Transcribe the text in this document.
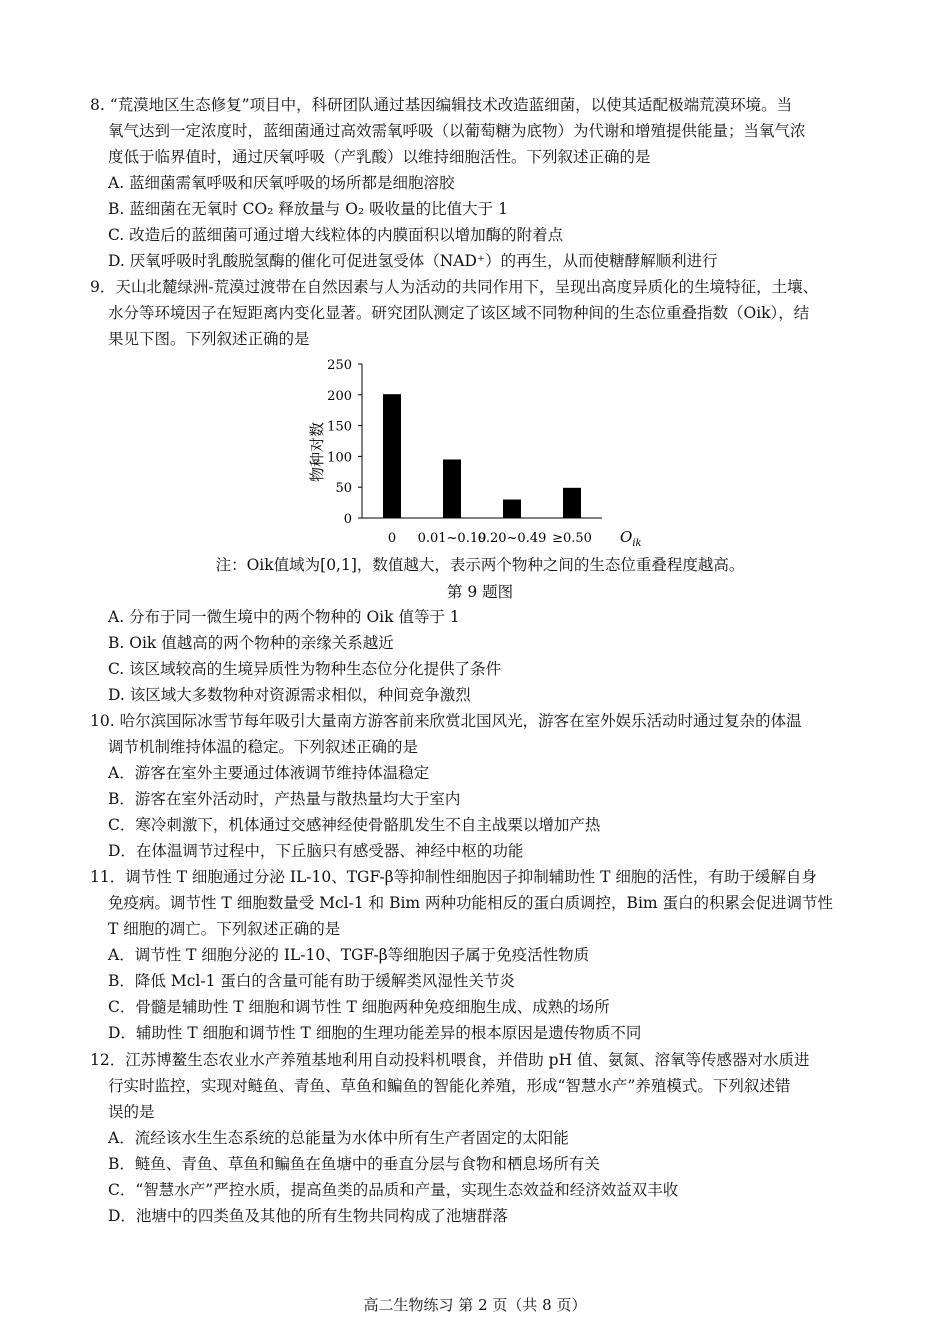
8. “荒漠地区生态修复”项目中，科研团队通过基因编辑技术改造蓝细菌，以使其适配极端荒漠环境。当
氧气达到一定浓度时，蓝细菌通过高效需氧呼吸（以葡萄糖为底物）为代谢和增殖提供能量；当氧气浓
度低于临界值时，通过厌氧呼吸（产乳酸）以维持细胞活性。下列叙述正确的是
A. 蓝细菌需氧呼吸和厌氧呼吸的场所都是细胞溶胶
B. 蓝细菌在无氧时 CO₂ 释放量与 O₂ 吸收量的比值大于 1
C. 改造后的蓝细菌可通过增大线粒体的内膜面积以增加酶的附着点
D. 厌氧呼吸时乳酸脱氢酶的催化可促进氢受体（NAD⁺）的再生，从而使糖酵解顺利进行
9．天山北麓绿洲-荒漠过渡带在自然因素与人为活动的共同作用下，呈现出高度异质化的生境特征，土壤、
水分等环境因子在短距离内变化显著。研究团队测定了该区域不同物种间的生态位重叠指数（Oik），结
果见下图。下列叙述正确的是
物种对数
0
50
100
150
200
250
0 0.01~0.19
0.20~0.49 ≥0.50 $O_{ik}$
注：Oik值域为[0,1]，数值越大，表示两个物种之间的生态位重叠程度越高。
第 9 题图
A. 分布于同一微生境中的两个物种的 Oik 值等于 1
B. Oik 值越高的两个物种的亲缘关系越近
C. 该区域较高的生境异质性为物种生态位分化提供了条件
D. 该区域大多数物种对资源需求相似，种间竞争激烈
10. 哈尔滨国际冰雪节每年吸引大量南方游客前来欣赏北国风光，游客在室外娱乐活动时通过复杂的体温
调节机制维持体温的稳定。下列叙述正确的是
A．游客在室外主要通过体液调节维持体温稳定
B．游客在室外活动时，产热量与散热量均大于室内
C．寒冷刺激下，机体通过交感神经使骨骼肌发生不自主战栗以增加产热
D．在体温调节过程中，下丘脑只有感受器、神经中枢的功能
11．调节性 T 细胞通过分泌 IL-10、TGF-β等抑制性细胞因子抑制辅助性 T 细胞的活性，有助于缓解自身
免疫病。调节性 T 细胞数量受 Mcl-1 和 Bim 两种功能相反的蛋白质调控，Bim 蛋白的积累会促进调节性
T 细胞的凋亡。下列叙述正确的是
A．调节性 T 细胞分泌的 IL-10、TGF-β等细胞因子属于免疫活性物质
B．降低 Mcl-1 蛋白的含量可能有助于缓解类风湿性关节炎
C．骨髓是辅助性 T 细胞和调节性 T 细胞两种免疫细胞生成、成熟的场所
D．辅助性 T 细胞和调节性 T 细胞的生理功能差异的根本原因是遗传物质不同
12．江苏博鳌生态农业水产养殖基地利用自动投料机喂食，并借助 pH 值、氨氮、溶氧等传感器对水质进
行实时监控，实现对鲢鱼、青鱼、草鱼和鳊鱼的智能化养殖，形成“智慧水产”养殖模式。下列叙述错
误的是
A．流经该水生生态系统的总能量为水体中所有生产者固定的太阳能
B．鲢鱼、青鱼、草鱼和鳊鱼在鱼塘中的垂直分层与食物和栖息场所有关
C．“智慧水产”严控水质，提高鱼类的品质和产量，实现生态效益和经济效益双丰收
D．池塘中的四类鱼及其他的所有生物共同构成了池塘群落
高二生物练习 第 2 页（共 8 页）
